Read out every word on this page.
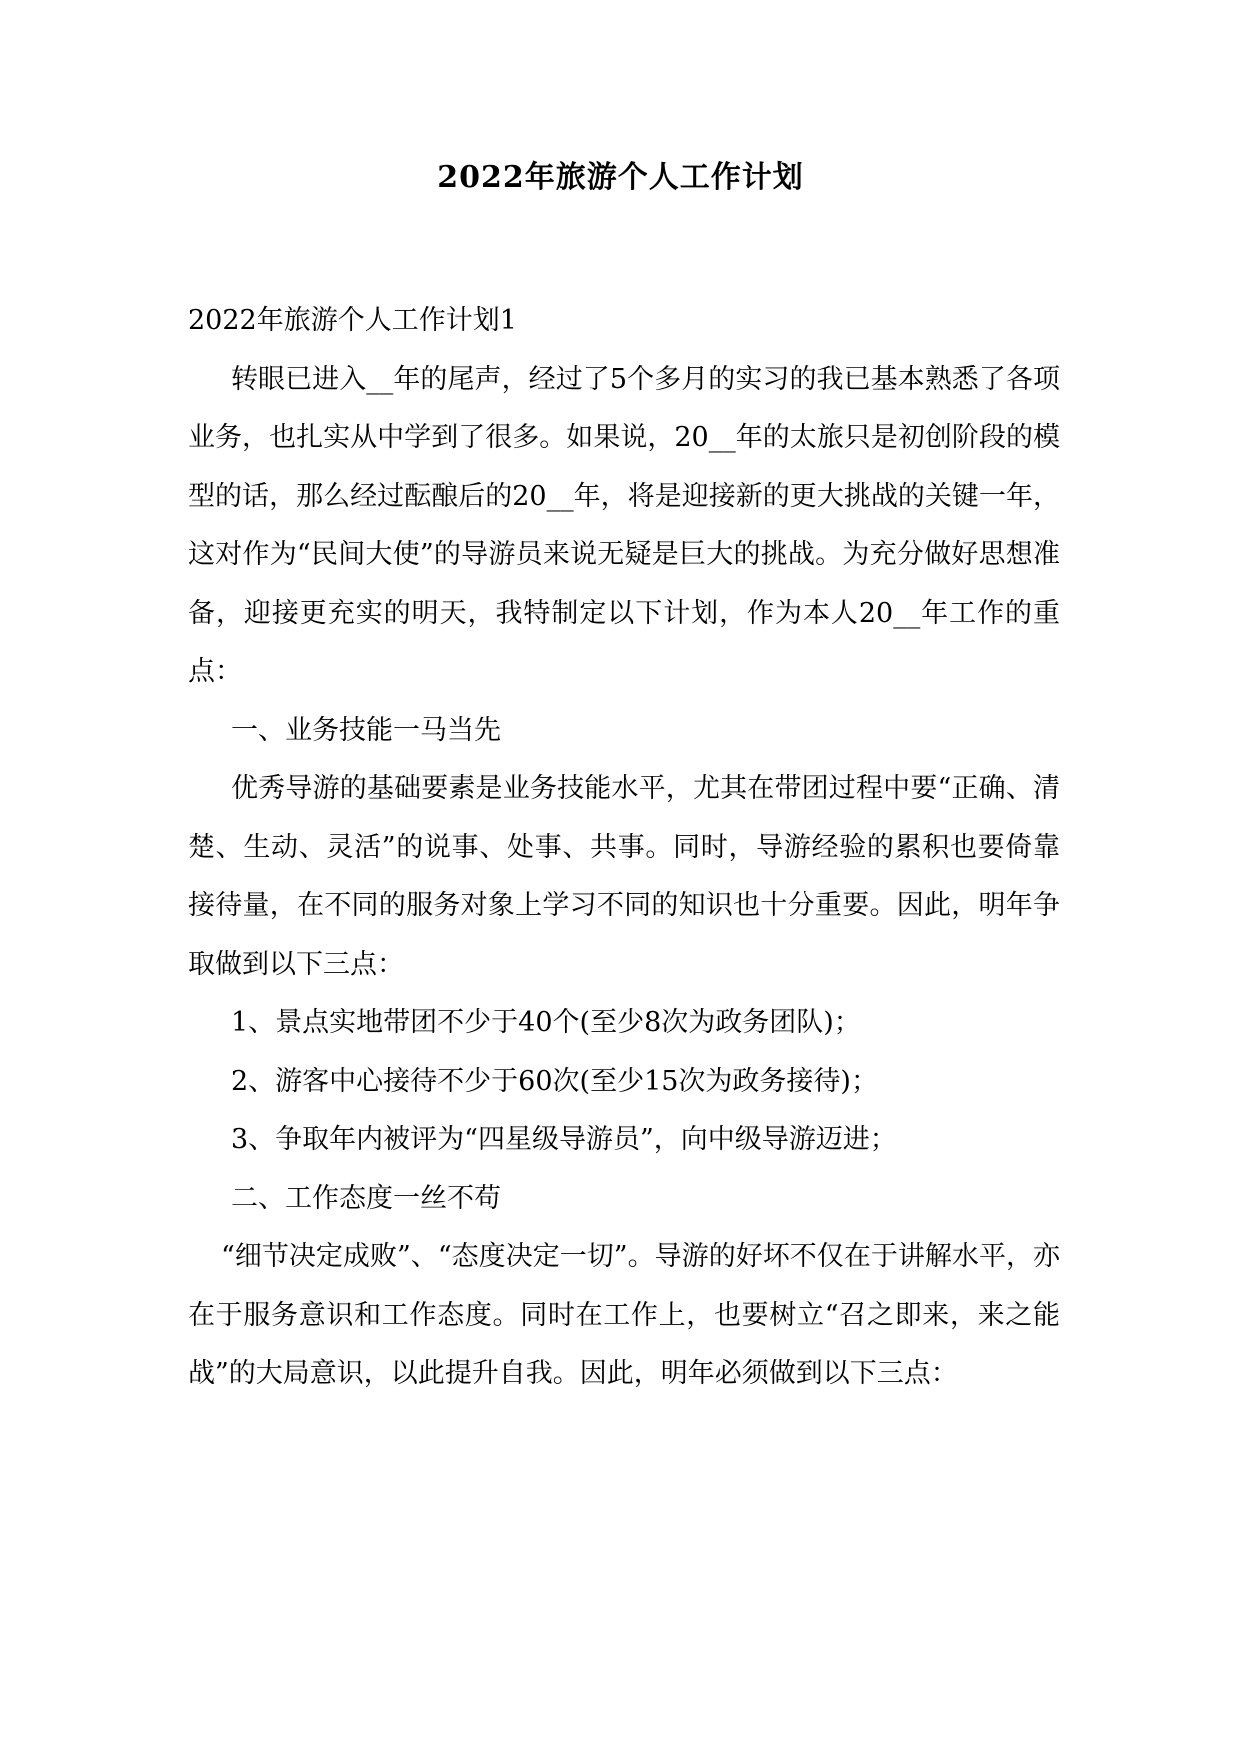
2022年旅游个人工作计划

2022年旅游个人工作计划1

转眼已进入__年的尾声，经过了5个多月的实习的我已基本熟悉了各项业务，也扎实从中学到了很多。如果说，20__年的太旅只是初创阶段的模型的话，那么经过酝酿后的20__年，将是迎接新的更大挑战的关键一年，这对作为“民间大使”的导游员来说无疑是巨大的挑战。为充分做好思想准备，迎接更充实的明天，我特制定以下计划，作为本人20__年工作的重点：

一、业务技能一马当先

优秀导游的基础要素是业务技能水平，尤其在带团过程中要“正确、清楚、生动、灵活”的说事、处事、共事。同时，导游经验的累积也要倚靠接待量，在不同的服务对象上学习不同的知识也十分重要。因此，明年争取做到以下三点：

1、景点实地带团不少于40个(至少8次为政务团队)；

2、游客中心接待不少于60次(至少15次为政务接待)；

3、争取年内被评为“四星级导游员”，向中级导游迈进；

二、工作态度一丝不苟

“细节决定成败”、“态度决定一切”。导游的好坏不仅在于讲解水平，亦在于服务意识和工作态度。同时在工作上，也要树立“召之即来，来之能战”的大局意识，以此提升自我。因此，明年必须做到以下三点：
